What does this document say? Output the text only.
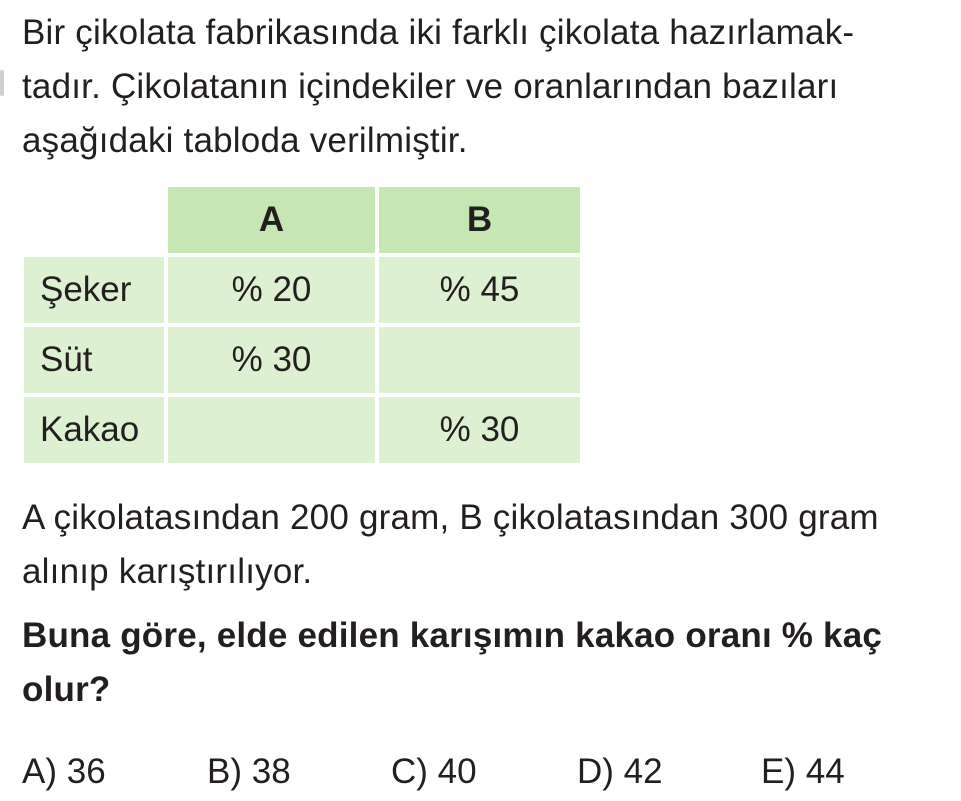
Bir çikolata fabrikasında iki farklı çikolata hazırlamak-
tadır. Çikolatanın içindekiler ve oranlarından bazıları
aşağıdaki tabloda verilmiştir.

	A	B
Şeker	% 20	% 45
Süt	% 30	
Kakao		% 30

A çikolatasından 200 gram, B çikolatasından 300 gram
alınıp karıştırılıyor.

Buna göre, elde edilen karışımın kakao oranı % kaç
olur?

A) 36	B) 38	C) 40	D) 42	E) 44
